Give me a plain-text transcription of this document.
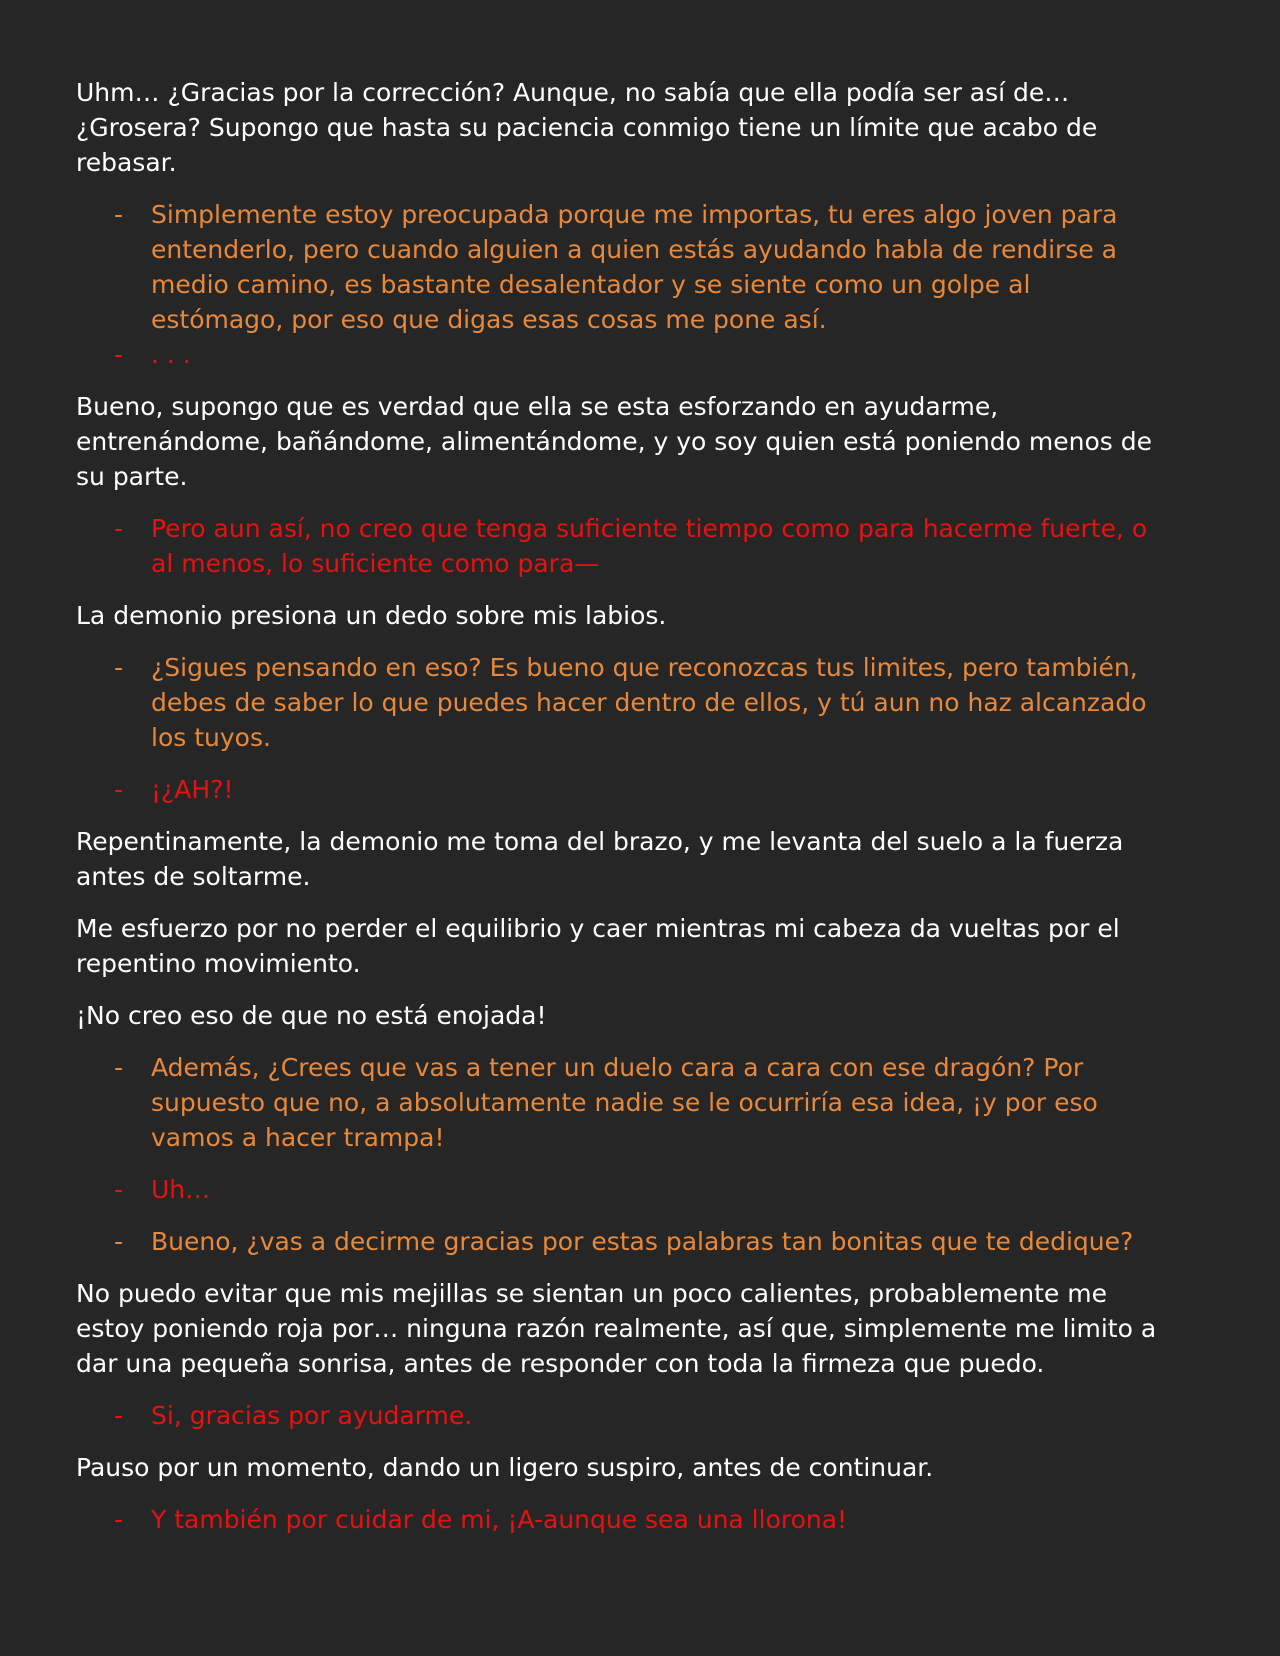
Uhm… ¿Gracias por la corrección? Aunque, no sabía que ella podía ser así de… ¿Grosera? Supongo que hasta su paciencia conmigo tiene un límite que acabo de rebasar.

- Simplemente estoy preocupada porque me importas, tu eres algo joven para entenderlo, pero cuando alguien a quien estás ayudando habla de rendirse a medio camino, es bastante desalentador y se siente como un golpe al estómago, por eso que digas esas cosas me pone así.
- . . .

Bueno, supongo que es verdad que ella se esta esforzando en ayudarme, entrenándome, bañándome, alimentándome, y yo soy quien está poniendo menos de su parte.

- Pero aun así, no creo que tenga suficiente tiempo como para hacerme fuerte, o al menos, lo suficiente como para—

La demonio presiona un dedo sobre mis labios.

- ¿Sigues pensando en eso? Es bueno que reconozcas tus limites, pero también, debes de saber lo que puedes hacer dentro de ellos, y tú aun no haz alcanzado los tuyos.
- ¡¿AH?!

Repentinamente, la demonio me toma del brazo, y me levanta del suelo a la fuerza antes de soltarme.

Me esfuerzo por no perder el equilibrio y caer mientras mi cabeza da vueltas por el repentino movimiento.

¡No creo eso de que no está enojada!

- Además, ¿Crees que vas a tener un duelo cara a cara con ese dragón? Por supuesto que no, a absolutamente nadie se le ocurriría esa idea, ¡y por eso vamos a hacer trampa!
- Uh…
- Bueno, ¿vas a decirme gracias por estas palabras tan bonitas que te dedique?

No puedo evitar que mis mejillas se sientan un poco calientes, probablemente me estoy poniendo roja por… ninguna razón realmente, así que, simplemente me limito a dar una pequeña sonrisa, antes de responder con toda la firmeza que puedo.

- Si, gracias por ayudarme.

Pauso por un momento, dando un ligero suspiro, antes de continuar.

- Y también por cuidar de mi, ¡A-aunque sea una llorona!
